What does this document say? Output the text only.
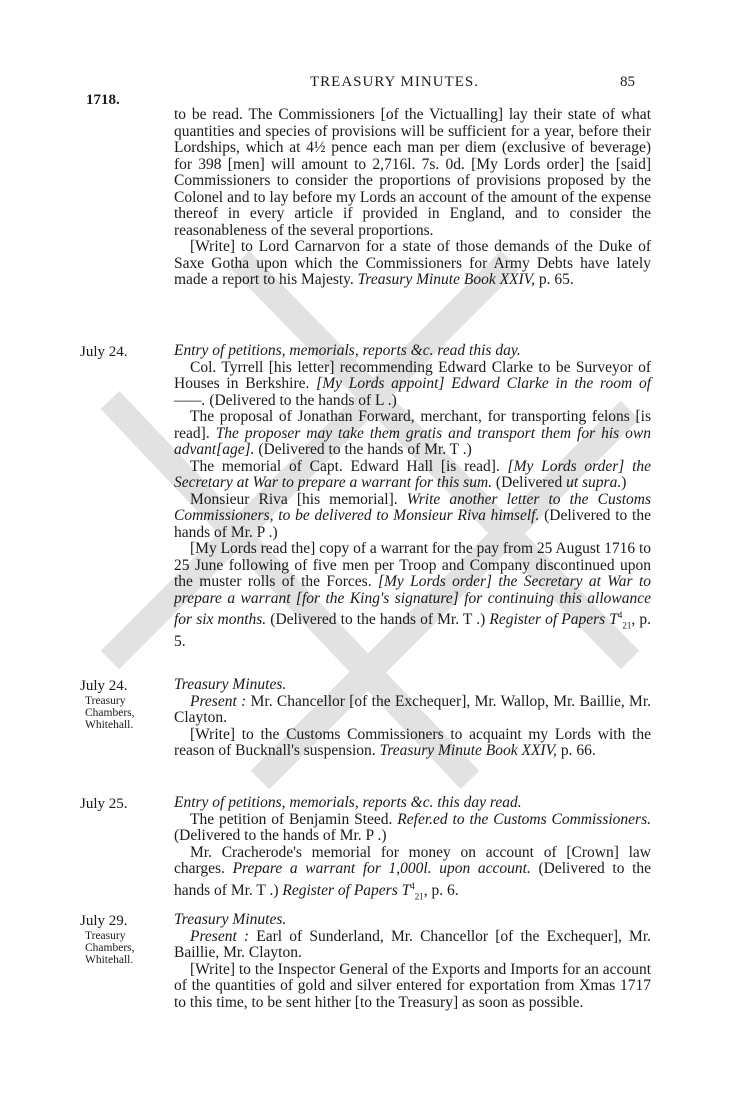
TREASURY MINUTES.	85
1718.

to be read. The Commissioners [of the Victualling] lay their state of what quantities and species of provisions will be sufficient for a year, before their Lordships, which at 4½ pence each man per diem (exclusive of beverage) for 398 [men] will amount to 2,716l. 7s. 0d. [My Lords order] the [said] Commissioners to consider the proportions of provisions proposed by the Colonel and to lay before my Lords an account of the amount of the expense thereof in every article if provided in England, and to consider the reasonableness of the several proportions.

[Write] to Lord Carnarvon for a state of those demands of the Duke of Saxe Gotha upon which the Commissioners for Army Debts have lately made a report to his Majesty. Treasury Minute Book XXIV, p. 65.

July 24.	Entry of petitions, memorials, reports &c. read this day.

Col. Tyrrell [his letter] recommending Edward Clarke to be Surveyor of Houses in Berkshire. [My Lords appoint] Edward Clarke in the room of ——. (Delivered to the hands of L .)

The proposal of Jonathan Forward, merchant, for transporting felons [is read]. The proposer may take them gratis and transport them for his own advant[age]. (Delivered to the hands of Mr. T .)

The memorial of Capt. Edward Hall [is read]. [My Lords order] the Secretary at War to prepare a warrant for this sum. (Delivered ut supra.)

Monsieur Riva [his memorial]. Write another letter to the Customs Commissioners, to be delivered to Monsieur Riva himself. (Delivered to the hands of Mr. P .)

[My Lords read the] copy of a warrant for the pay from 25 August 1716 to 25 June following of five men per Troop and Company discontinued upon the muster rolls of the Forces. [My Lords order] the Secretary at War to prepare a warrant [for the King's signature] for continuing this allowance for six months. (Delivered to the hands of Mr. T .) Register of Papers $T^4_{21}$, p. 5.

July 24.
Treasury
Chambers,
Whitehall.

Treasury Minutes.

Present : Mr. Chancellor [of the Exchequer], Mr. Wallop, Mr. Baillie, Mr. Clayton.

[Write] to the Customs Commissioners to acquaint my Lords with the reason of Bucknall's suspension. Treasury Minute Book XXIV, p. 66.

July 25.	Entry of petitions, memorials, reports &c. this day read.

The petition of Benjamin Steed. Refer.ed to the Customs Commissioners. (Delivered to the hands of Mr. P .)

Mr. Cracherode's memorial for money on account of [Crown] law charges. Prepare a warrant for 1,000l. upon account. (Delivered to the hands of Mr. T .) Register of Papers $T^4_{21}$, p. 6.

July 29.
Treasury
Chambers,
Whitehall.

Treasury Minutes.

Present : Earl of Sunderland, Mr. Chancellor [of the Exchequer], Mr. Baillie, Mr. Clayton.

[Write] to the Inspector General of the Exports and Imports for an account of the quantities of gold and silver entered for exportation from Xmas 1717 to this time, to be sent hither [to the Treasury] as soon as possible.
